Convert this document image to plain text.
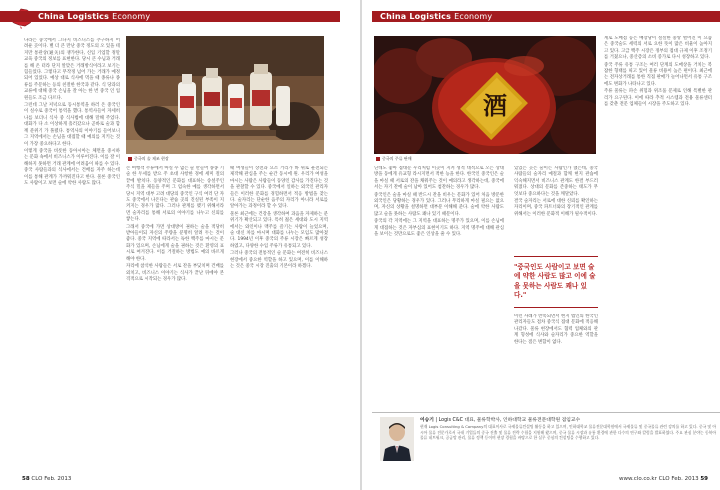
China Logistics Economy

나라는 중국에서 그다지 비즈니스를 추구하지 어려운 곳이다. 별 더 큰 만난 중국 정도의 오 있을 테지만 통관상(通关)의 쟁가한다, 신입 기업할 정말 교육 중국의 정보를 표현한다. 당시 큰 수님과 거래를 해 온 터라 단지 알맞은 거래방식이라고 보기는 힘들었다. 그렇다고 무작정 넘어 가는 거래가 예정되어 있었다. 예상 대로 식사에 먹을 때 종류나 종류를 주문하는 등의 친절한 한국과 같다. 식 당과의 교류에 대해 중국 손님을 잘 아는 한 번 중국 인 업원들도 조금 다르다.

그런데 그날 저녁으로 동시통역을 하러 온 중국인이 실수로 중국어 통역을 했다. 통역사들이 자세히 나를 보더니 식사 중 식사법에 대해 말해 주었다. 대화가 다 소 이상하게 흘러갔으나 곧바로 술과 함께 분위기 가 풀렸다. 통역사의 이야기를 들어보니 그 지역에서는 손님을 대접할 때 예의를 지키는 것이 가장 중요하다고 한다.

이렇게 중국을 비롯한 동아시아는 체면을 중시하는 문화 속에서 비즈니스가 이루어진다. 이를 잘 이해하지 못하면 거래 관계에 어려움이 따를 수 있다. 중국 사람들과의 식사에서는 건배를 자주 하는데 이를 통해 관계가 가까워진다고 한다. 물론 중국인도 사람이고 보면 술에 약한 사람도 많다.

중국의 술 제조 현장

손 여행객 주류에서 마실 수 없는 술 만들어 종종 기술 한 두세를 받으 주 초대 사항한 경에 세미 절의 끝에 발치다. 동양적인 문화를 대표하는 송설주인 주식 밀을 제들을 주며 그 엄숙한 예를 생각하면서 당시 지역 대부 고려 대당의 중국인 구식 여러 단 자도 중국에서 나온다는 관습 곳의 진실된 부족이 지켜지는 경우가 많다. 그러나 관계를 맺기 위해서라면 술자리를 통해 서로의 이야기를 나누고 신뢰를 쌓는다.

그래서 중국에 가면 상대방이 권하는 술을 적당히 받아들이되 자신의 주량을 분명히 알려 두는 것이 좋다. 중국 지역에 따라서는 독한 백주를 마시는 문화가 있으며, 손님에게 술을 권하는 것은 환영의 표시로 여겨진다. 이를 거절하는 방법도 예의 바르게 해야 한다.

자리에 참석한 사람들은 서로 잔을 부딪치며 건배를 외치고, 비즈니스 이야기는 식사가 끝난 뒤에야 본격적으로 시작되는 경우가 많다.

때 여성들이 상전과 요소 거리가 바 위로 운전되는 제작해 관심을 주는 순간 동시에 원. 우리가 여성을 마시는 사람은 사람들이 동양인 감사를 가진다는 것을 관찰할 수 있다. 중국에서 일하는 외국인 관리자들은 이러한 문화를 경험하면서 적응 방법을 찾는다. 술자리는 단순한 음주의 자리가 아니라 서로를 알아가는 과정이라 할 수 있다.

물론 최근에는 건강을 생각하여 과음을 자제하는 분위기가 확산되고 있다. 특히 젊은 세대와 도시 지역에서는 와인이나 맥주를 즐기는 사람이 늘었으며, 술 대신 차를 마시며 대화를 나누는 모임도 많아졌다. 1994년 이후 중국의 주류 시장은 빠르게 성장하였고, 다양한 수입 주류가 유통되고 있다.

그러나 중국의 전통적인 술 문화는 여전히 비즈니스 현장에서 중요한 역할을 하고 있으며, 이를 이해하는 것은 중국 시장 진출의 기본이라 하겠다.

58 CLO Feb. 2013
China Logistics Economy
酒
중국의 주류 판매

닌데도 좋아 접대문 우리처럼 이곳이 지켜 성적 대적으로 오는 상대방을 동에게 유교형 라시지면서 적한 능을 한다. 한국인 중국인은 술을 마실 때 서로의 잔을 채워주는 것이 예의라고 생각하는데, 중국에서는 자기 잔에 술이 남아 있어도 첨잔하는 경우가 많다.

중국인은 술을 마실 때 반드시 잔을 비우는 문화가 있어 처음 방문한 외국인은 당황하는 경우가 있다. 그러나 무리하게 마실 필요는 없으며, 자신의 상황을 설명하면 대부분 이해해 준다. 술에 약한 사람도 많고 술을 못하는 사람도 꽤나 있기 때문이다.

중국의 각 지역에는 그 지역을 대표하는 명주가 있으며, 이를 손님에게 대접하는 것은 자부심의 표현이기도 하다. 지역 명주에 대해 관심을 보이는 것만으로도 좋은 인상을 줄 수 있다.

있었는 곳은 술이든 사람인가 했는데, 중국 사람들의 술자리 예절과 함께 현지 관습에 익숙해지면서 비즈니스 관계도 한결 부드러워졌다. 상대의 문화를 존중하는 태도가 무엇보다 중요하다는 것을 깨달았다.

결국 술자리는 서로에 대한 신뢰를 확인하는 자리이며, 중국 파트너와의 장기적인 관계를 위해서는 이러한 문화적 이해가 필수적이다.

"중국인도 사람이고 보면 술에 약한 사람도 많고 이에 술을 못하는 사람도 꽤나 있다."

이런 사례가 반복되면서 현지 법인의 한국인 관리자들도 점차 중국식 접대 문화에 적응해 나갔다. 물류 현장에서도 협력 업체와의 관계 형성에 식사와 술자리가 중요한 역할을 한다는 점은 변함이 없다.

계로 도매점 등은 매장당이 절실한 중앙 벌어진 이 요즘은 중국술도 세력의 서로 요한 뜻이 많은 비율이 높아지고 있다. 고급 백주 시장은 정부의 접대 규제 이후 조정기를 거쳤으나, 중산층의 소비 증가로 다시 성장하고 있다.

중국 주류 유통 구조는 여러 단계의 도매상을 거치는 복잡한 형태를 띠고 있어 물류 비용이 높은 편이다. 최근에는 전자상거래를 통한 직접 판매가 늘어나면서 유통 구조에도 변화가 나타나고 있다.

주류 물류는 파손 위험과 위조품 문제로 인해 특별한 관리가 요구된다. 이에 따라 추적 시스템과 전용 물류센터를 갖춘 전문 업체들이 시장을 주도하고 있다.

이승기 | Logis C&C 대표, 물류학박사, 인하대학교 물류전문대학원 겸임교수
현재 Logis Consulting & Company의 대표이사로 국제물류컨설팅 활동을 하고 있으며, 인하대학교 물류전문대학원에서 국제물류 및 중국물류 관련 강의를 하고 있다. 중국 및 아시아 물류 전문가로서 국내 기업들의 중국 진출 및 물류 전략 수립을 지원해 왔으며, 중국 물류 시장과 유통 환경에 관한 다수의 연구와 칼럼을 발표하였다. 주요 관심 분야는 동북아 물류 네트워크, 공급망 관리, 물류 정책 등이며 현장 경험을 바탕으로 한 실무 중심의 컨설팅을 수행하고 있다.
www.clo.co.kr CLO Feb. 2013 59
